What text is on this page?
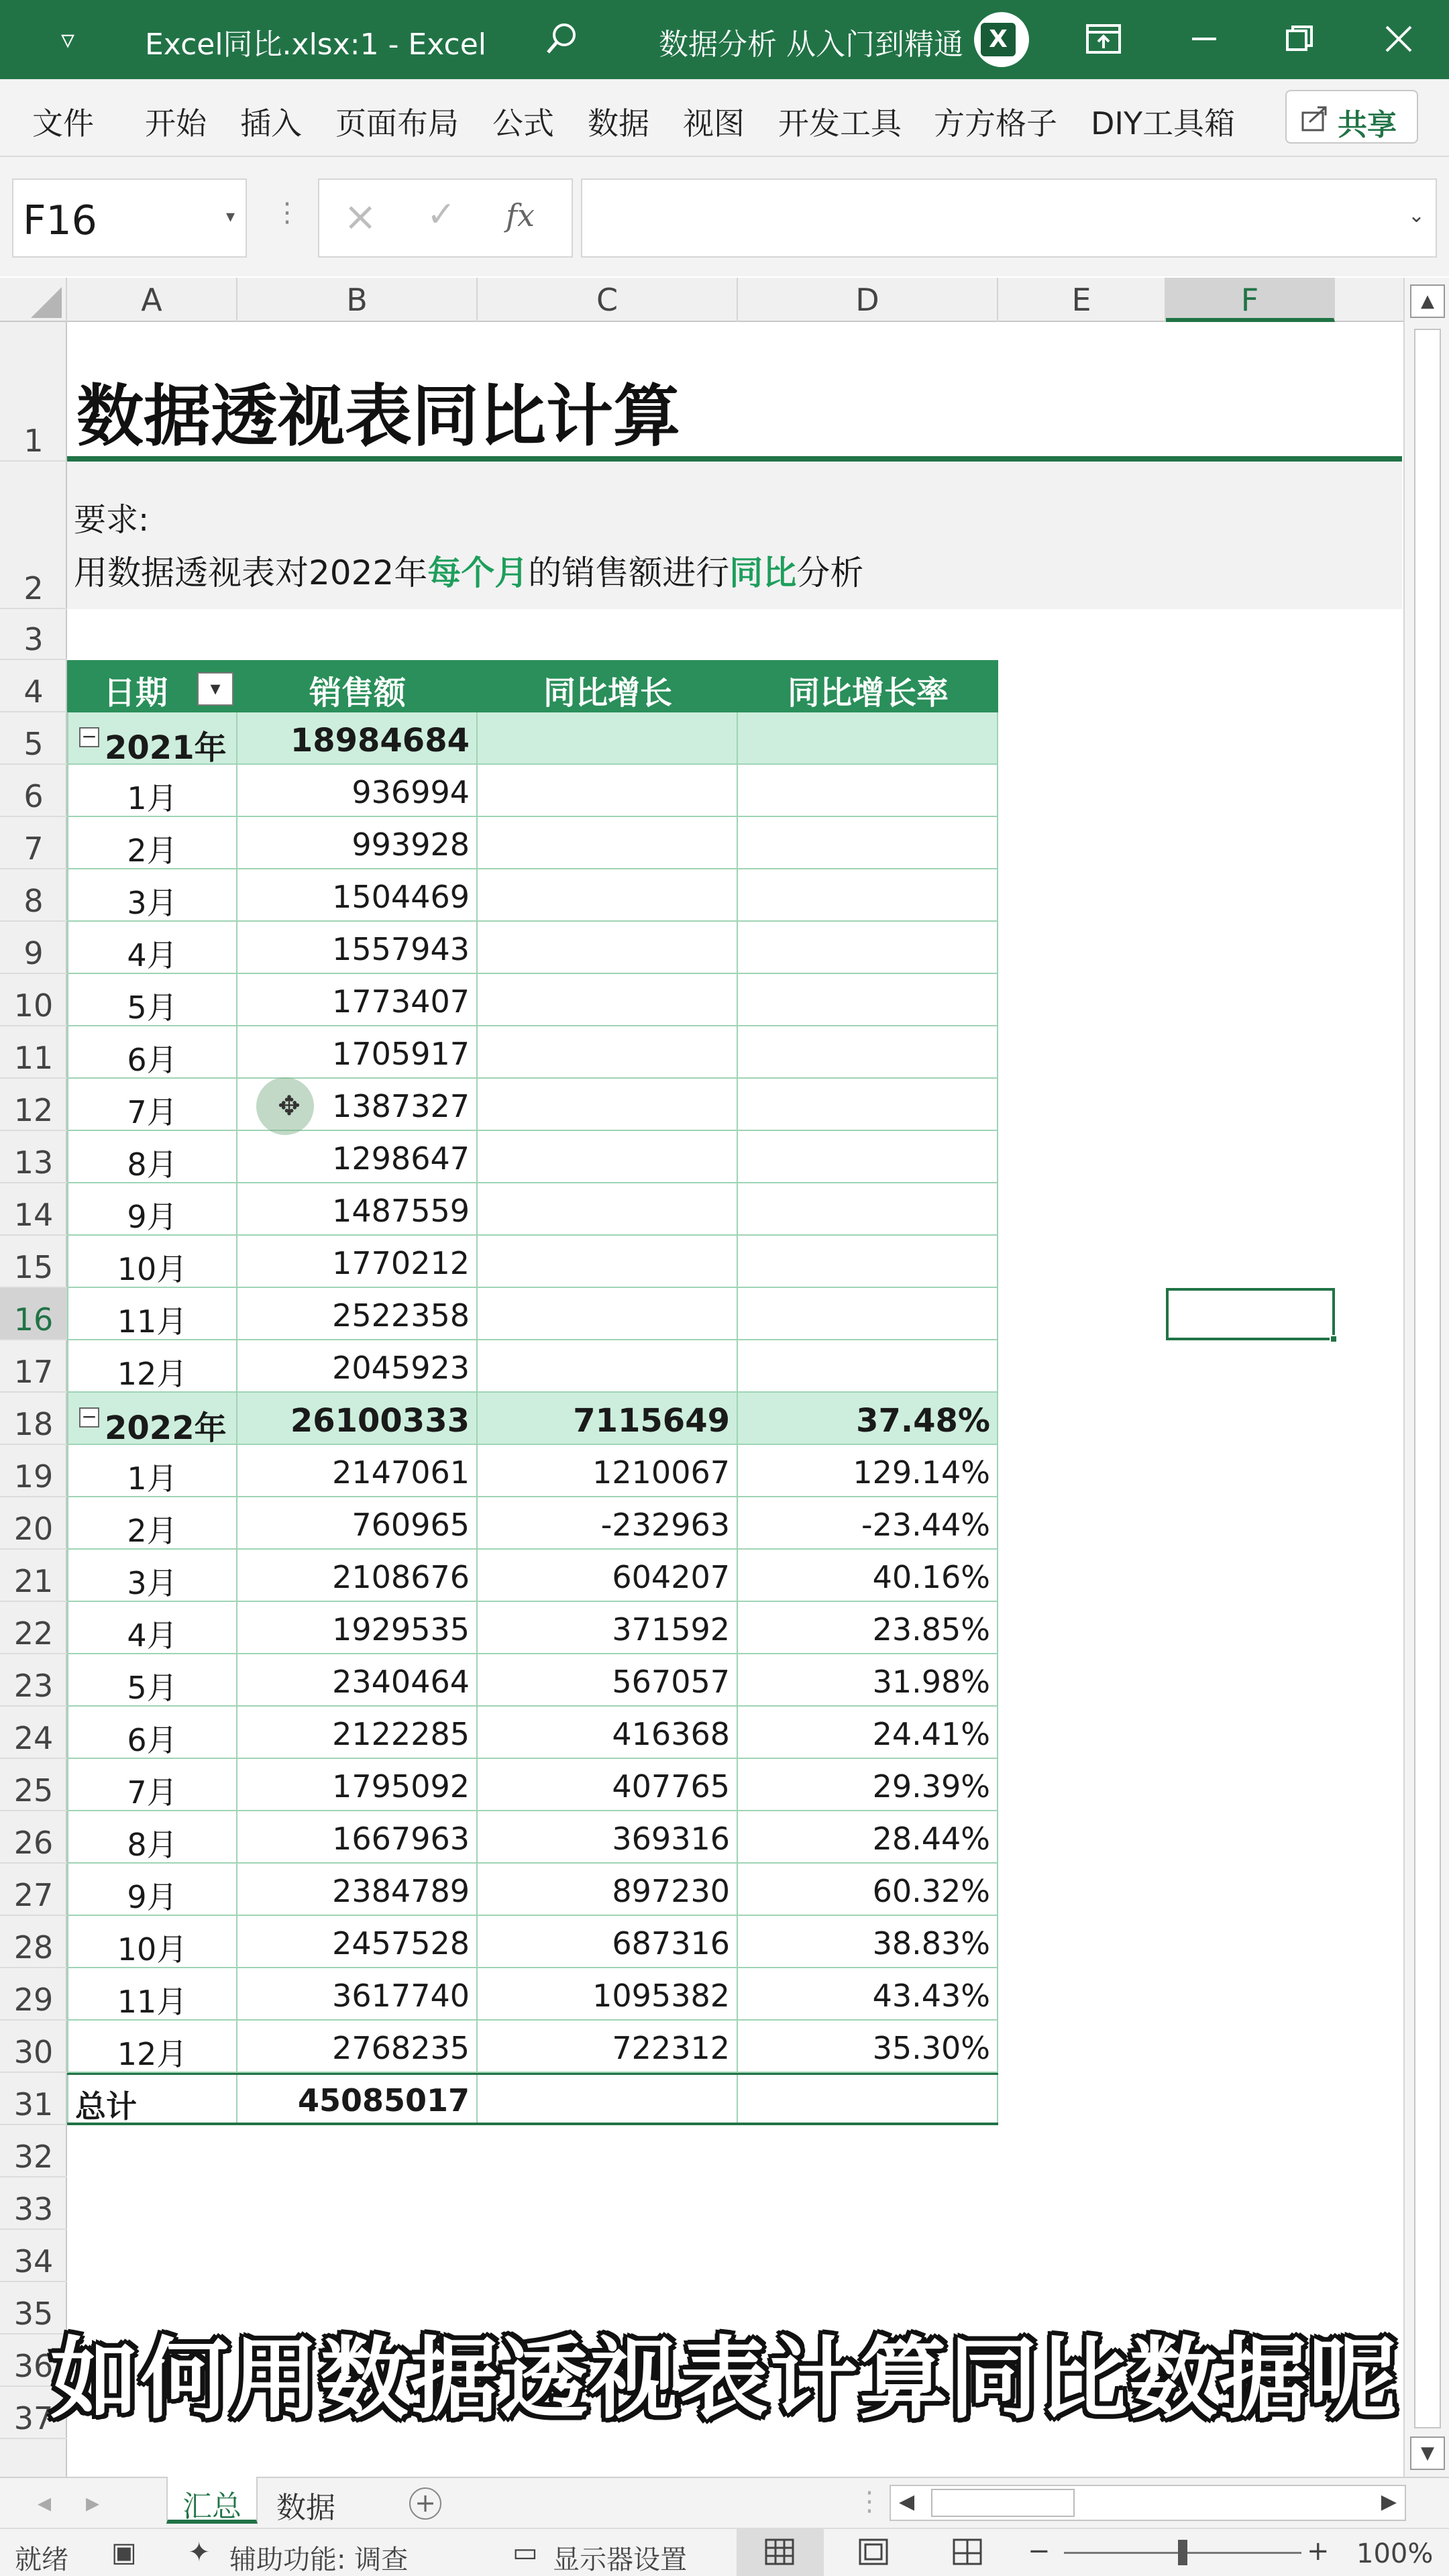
▿	Excel同比.xlsx:1 - Excel	数据分析 从入门到精通	X
文件 开始 插入 页面布局 公式 数据 视图 开发工具 方方格子 DIY工具箱	共享
F16	▾ ⋮ × ✓ fx	⌄
A	B	C	D	E	F
1
2
3
4
5
6
7
8
9
10
11
12
13
14
15
16
17
18
19
20
21
22
23
24
25
26
27
28
29
30
31
32
33
34
35
36
37
数据透视表同比计算
要求:
用数据透视表对2022年每个月的销售额进行同比分析
日期	销售额	同比增长	同比增长率
▾
− 2021年	18984684
1月	936994
2月	993928
3月	1504469
4月	1557943
5月	1773407
6月	1705917
7月	1387327
8月	1298647
9月	1487559
10月	1770212
11月	2522358
12月	2045923
− 2022年	26100333	7115649	37.48%
1月	2147061	1210067	129.14%
2月	760965	-232963	-23.44%
3月	2108676	604207	40.16%
4月	1929535	371592	23.85%
5月	2340464	567057	31.98%
6月	2122285	416368	24.41%
7月	1795092	407765	29.39%
8月	1667963	369316	28.44%
9月	2384789	897230	60.32%
10月	2457528	687316	38.83%
11月	3617740	1095382	43.43%
12月	2768235	722312	35.30%
总计	45085017
✥
▲
▼
◂ ▸	汇总 数据	+	⋮ ◀	▶
就绪 ▣ ✦ 辅助功能: 调查	▭ 显示器设置	−	+ 100%
如何用数据透视表计算同比数据呢
